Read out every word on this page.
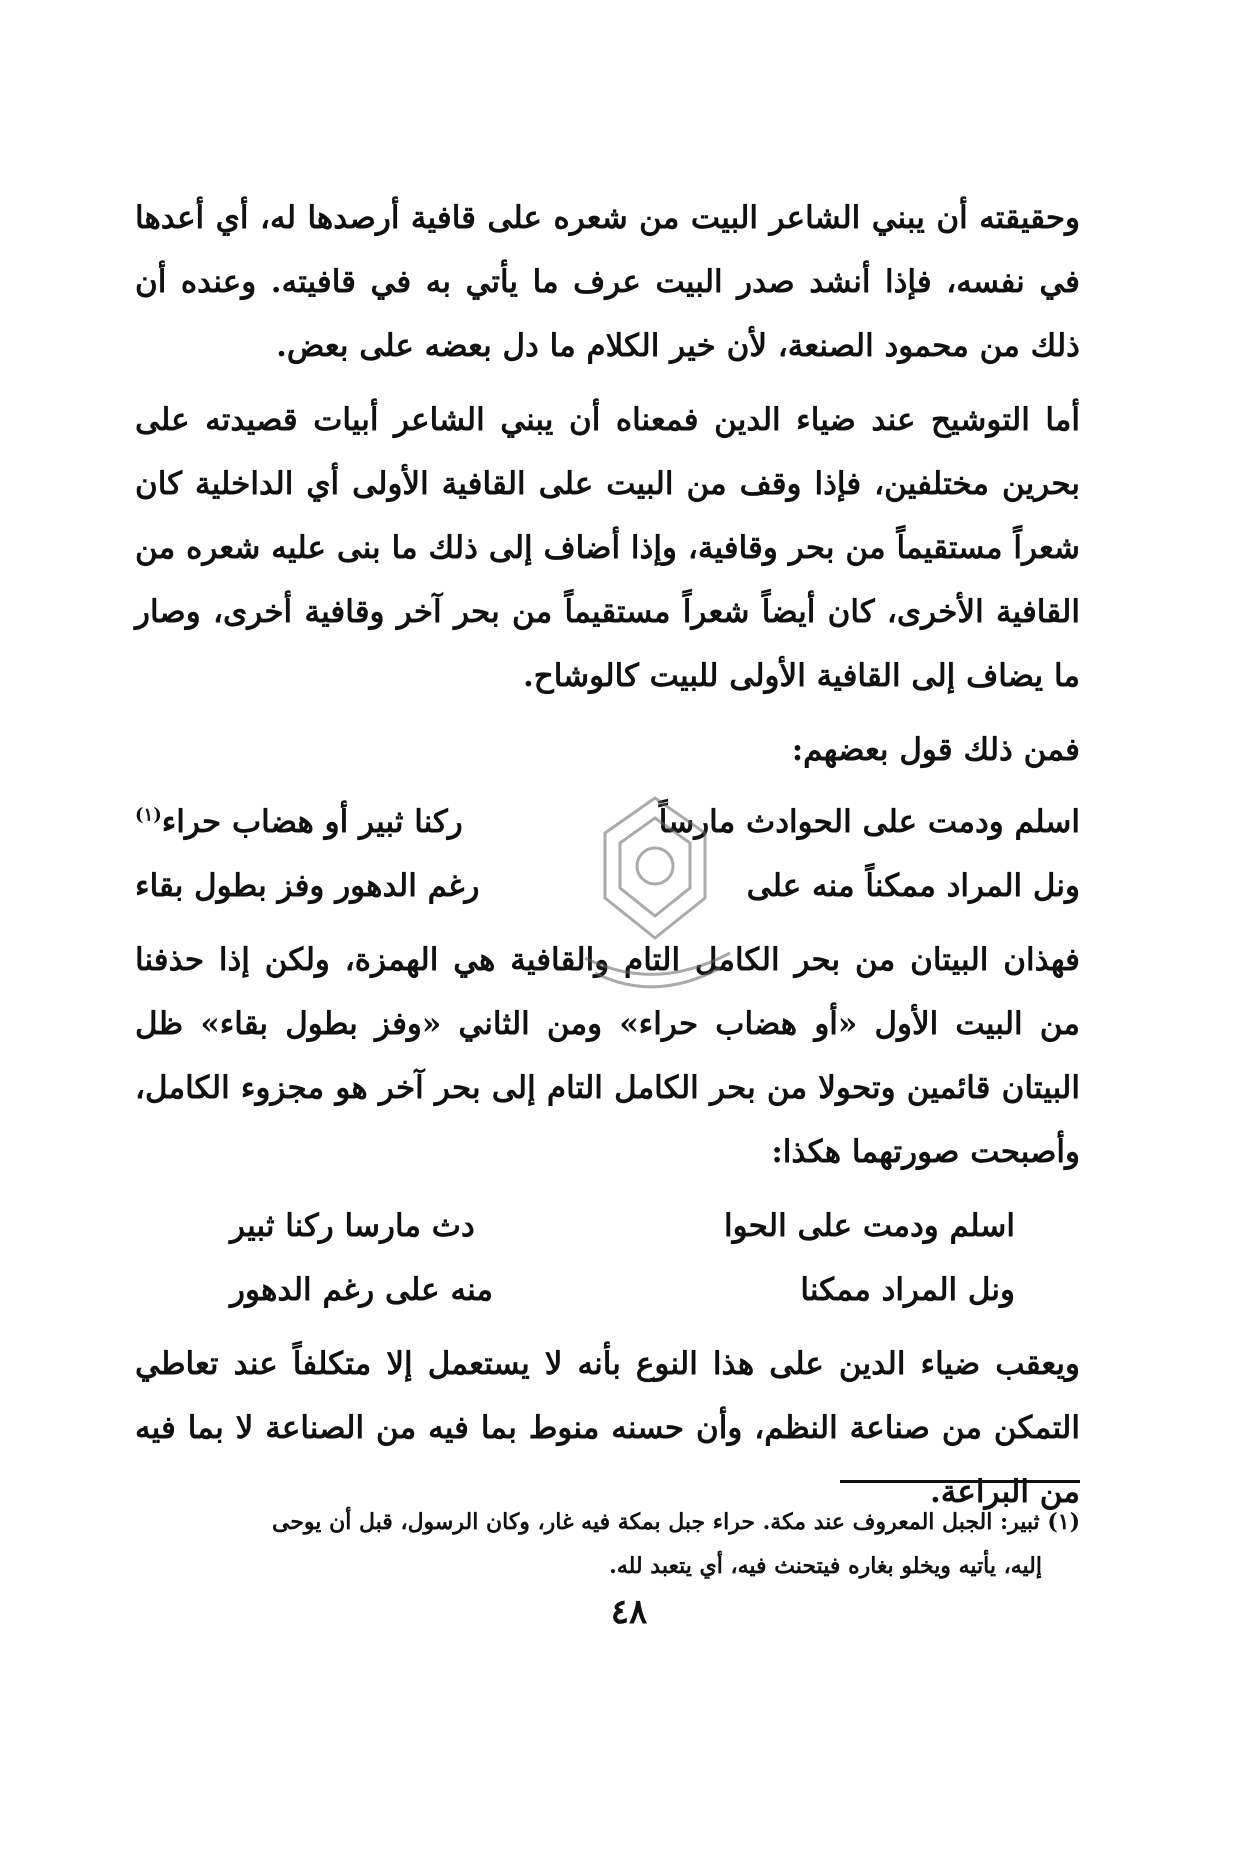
وحقيقته أن يبني الشاعر البيت من شعره على قافية أرصدها له، أي أعدها في نفسه، فإذا أنشد صدر البيت عرف ما يأتي به في قافيته. وعنده أن ذلك من محمود الصنعة، لأن خير الكلام ما دل بعضه على بعض.

أما التوشيح عند ضياء الدين فمعناه أن يبني الشاعر أبيات قصيدته على بحرين مختلفين، فإذا وقف من البيت على القافية الأولى أي الداخلية كان شعراً مستقيماً من بحر وقافية، وإذا أضاف إلى ذلك ما بنى عليه شعره من القافية الأخرى، كان أيضاً شعراً مستقيماً من بحر آخر وقافية أخرى، وصار ما يضاف إلى القافية الأولى للبيت كالوشاح.

فمن ذلك قول بعضهم:

اسلم ودمت على الحوادث مارساً
ركنا ثبير أو هضاب حراء$^{(١)}$
ونل المراد ممكناً منه على
رغم الدهور وفز بطول بقاء

فهذان البيتان من بحر الكامل التام والقافية هي الهمزة، ولكن إذا حذفنا من البيت الأول «أو هضاب حراء» ومن الثاني «وفز بطول بقاء» ظل البيتان قائمين وتحولا من بحر الكامل التام إلى بحر آخر هو مجزوء الكامل، وأصبحت صورتهما هكذا:

اسلم ودمت على الحوا
دث مارسا ركنا ثبير
ونل المراد ممكنا
منه على رغم الدهور

ويعقب ضياء الدين على هذا النوع بأنه لا يستعمل إلا متكلفاً عند تعاطي التمكن من صناعة النظم، وأن حسنه منوط بما فيه من الصناعة لا بما فيه من البراعة.

(١) ثبير: الجبل المعروف عند مكة. حراء جبل بمكة فيه غار، وكان الرسول، قبل أن يوحى

إليه، يأتيه ويخلو بغاره فيتحنث فيه، أي يتعبد لله.

٤٨
